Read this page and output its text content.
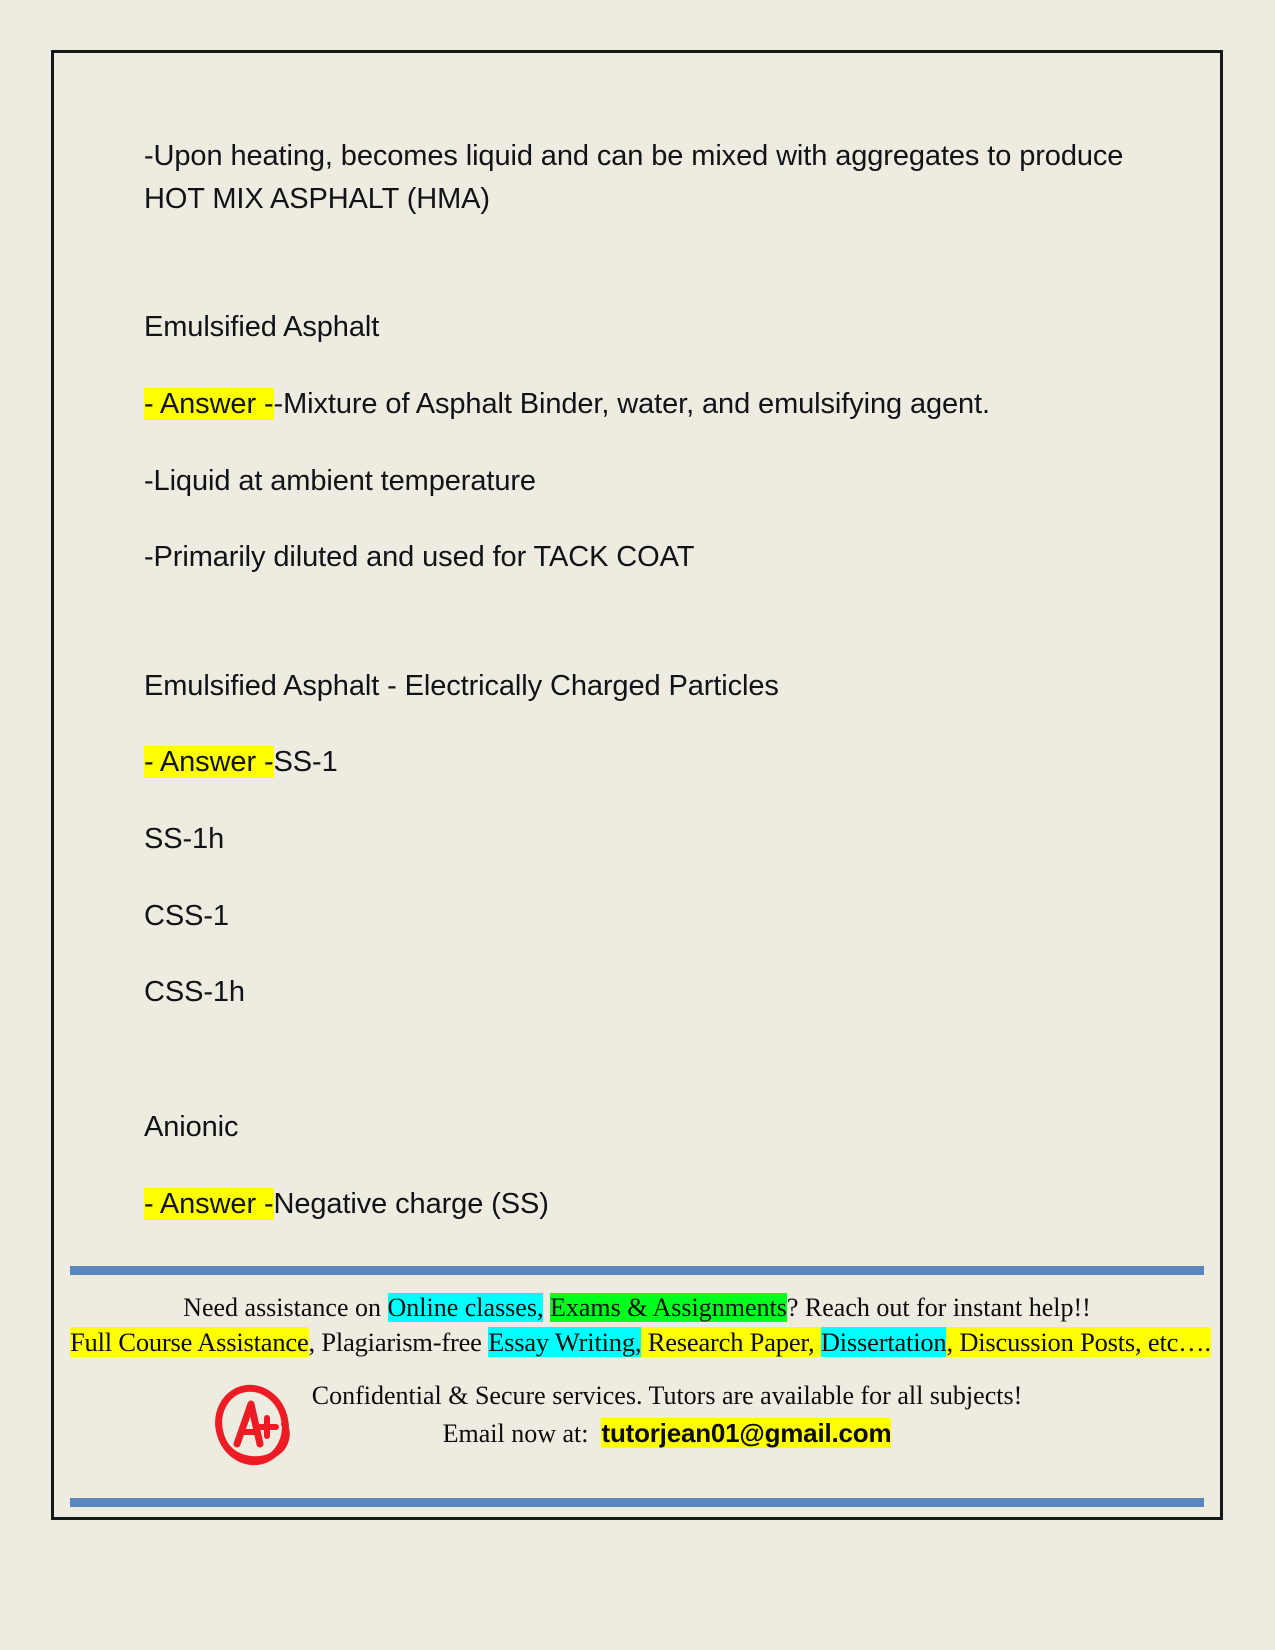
-Upon heating, becomes liquid and can be mixed with aggregates to produce HOT MIX ASPHALT (HMA)

Emulsified Asphalt

- Answer --Mixture of Asphalt Binder, water, and emulsifying agent.

-Liquid at ambient temperature

-Primarily diluted and used for TACK COAT

Emulsified Asphalt - Electrically Charged Particles

- Answer -SS-1

SS-1h

CSS-1

CSS-1h

Anionic

- Answer -Negative charge (SS)

Need assistance on Online classes, Exams & Assignments? Reach out for instant help!!
Full Course Assistance, Plagiarism-free Essay Writing, Research Paper, Dissertation, Discussion Posts, etc….
Confidential & Secure services. Tutors are available for all subjects!
Email now at: tutorjean01@gmail.com
